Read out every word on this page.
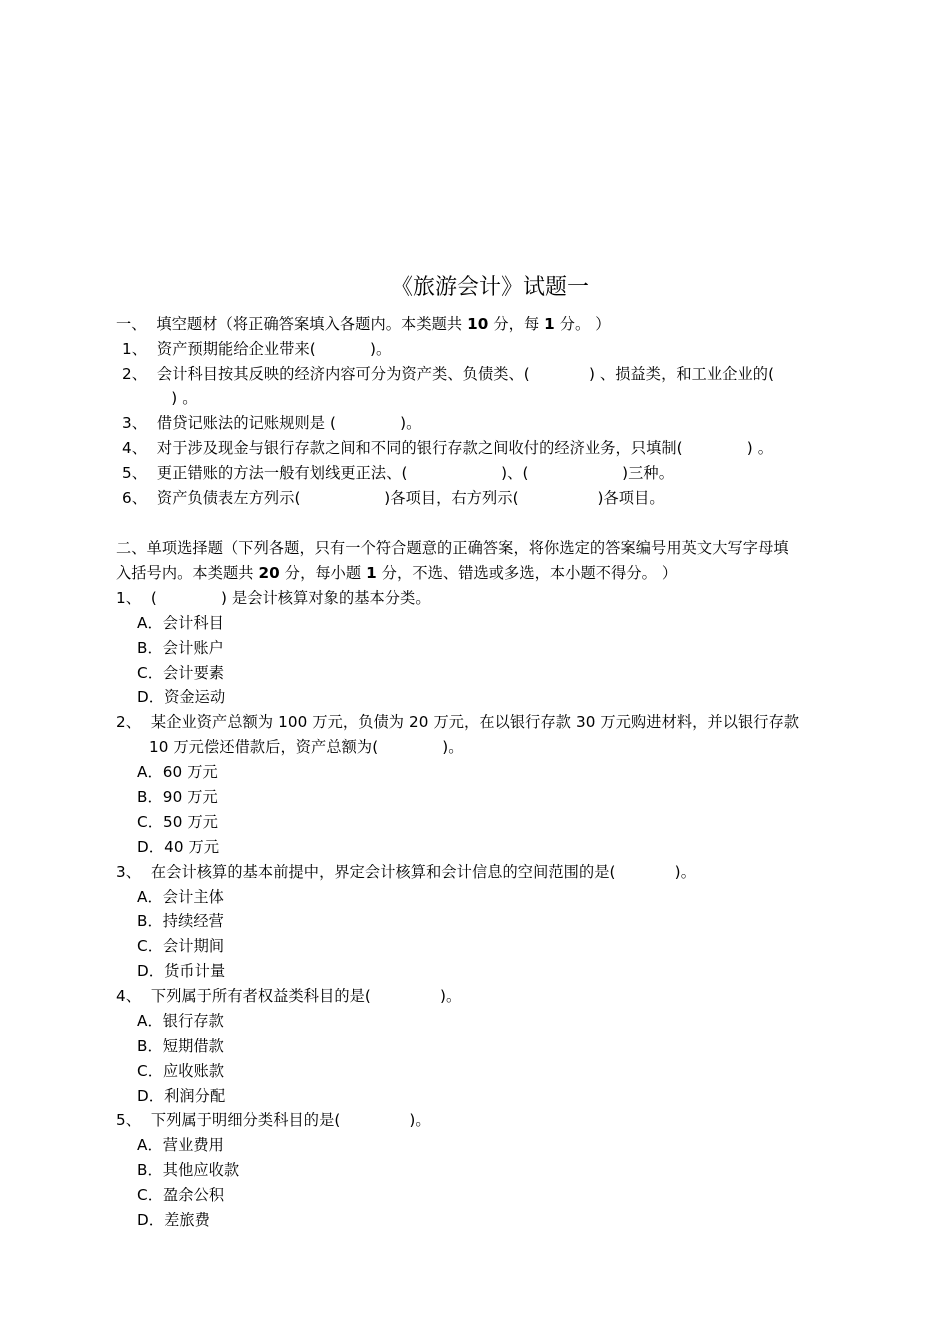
《旅游会计》试题一
一、  填空题材（将正确答案填入各题内。本类题共 10 分，每 1 分。 ）
1、  资产预期能给企业带来(           )。
2、  会计科目按其反映的经济内容可分为资产类、负债类、(            ) 、损益类，和工业企业的(
) 。
3、  借贷记账法的记账规则是 (             )。
4、  对于涉及现金与银行存款之间和不同的银行存款之间收付的经济业务，只填制(             ) 。
5、  更正错账的方法一般有划线更正法、(                   )、(                   )三种。
6、  资产负债表左方列示(                 )各项目，右方列示(                )各项目。
二、单项选择题（下列各题，只有一个符合题意的正确答案，将你选定的答案编号用英文大写字母填
入括号内。本类题共 20 分，每小题 1 分，不选、错选或多选，本小题不得分。 ）
1、  (             ) 是会计核算对象的基本分类。
A．会计科目
B．会计账户
C．会计要素
D．资金运动
2、  某企业资产总额为 100 万元，负债为 20 万元，在以银行存款 30 万元购进材料，并以银行存款
10 万元偿还借款后，资产总额为(             )。
A．60 万元
B．90 万元
C．50 万元
D．40 万元
3、  在会计核算的基本前提中，界定会计核算和会计信息的空间范围的是(            )。
A．会计主体
B．持续经营
C．会计期间
D．货币计量
4、  下列属于所有者权益类科目的是(              )。
A．银行存款
B．短期借款
C．应收账款
D．利润分配
5、  下列属于明细分类科目的是(              )。
A．营业费用
B．其他应收款
C．盈余公积
D．差旅费
